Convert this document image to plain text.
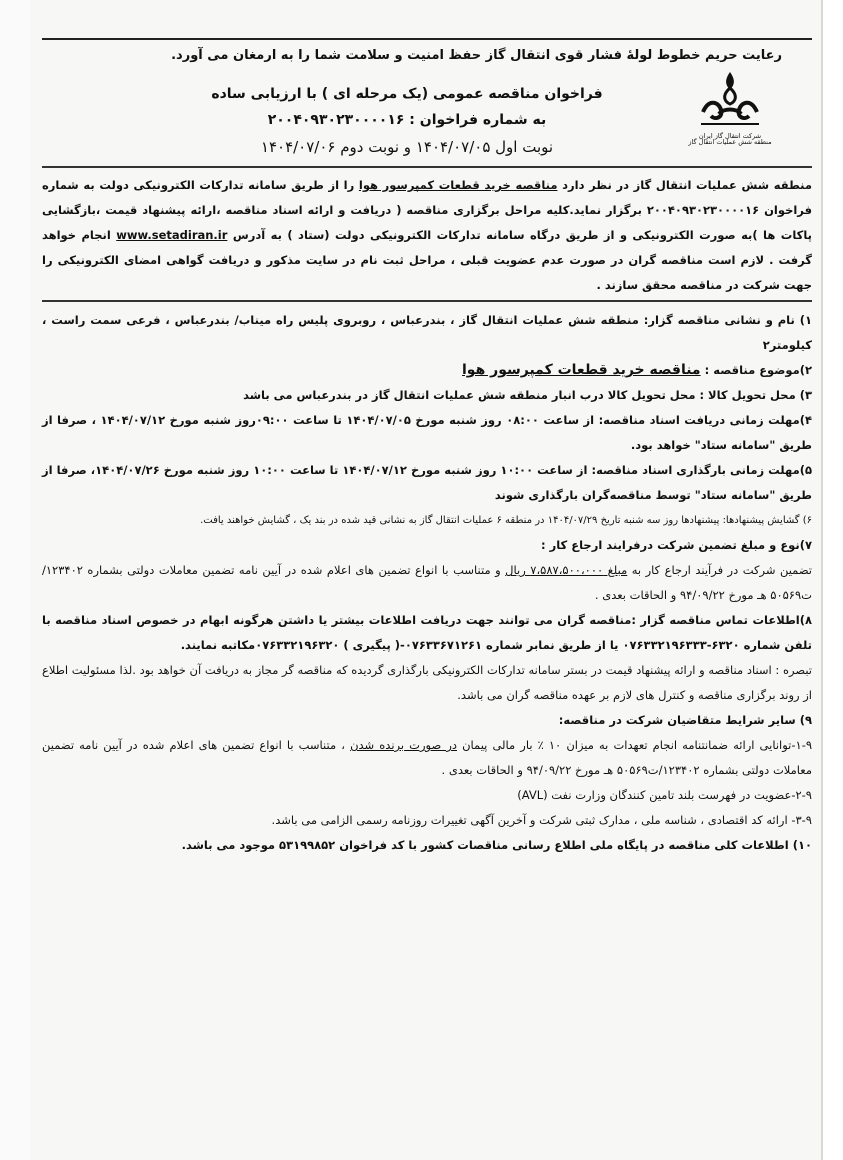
رعایت حریم خطوط لولهٔ فشار قوی انتقال گاز حفظ امنیت و سلامت شما را به ارمغان می آورد.
شرکت انتقال گاز ایران
منطقه شش عملیات انتقال گاز
فراخوان مناقصه عمومی (یک مرحله ای ) با ارزیابی ساده
به شماره فراخوان : ۲۰۰۴۰۹۳۰۲۳۰۰۰۰۱۶
نوبت اول ۱۴۰۴/۰۷/۰۵ و نوبت دوم ۱۴۰۴/۰۷/۰۶

منطقه شش عملیات انتقال گاز در نظر دارد مناقصه خرید قطعات کمپرسور هوا را از طریق سامانه تدارکات الکترونیکی دولت به شماره فراخوان ۲۰۰۴۰۹۳۰۲۳۰۰۰۰۱۶ برگزار نماید.کلیه مراحل برگزاری مناقصه ( دریافت و ارائه اسناد مناقصه ،ارائه پیشنهاد قیمت ،بازگشایی پاکات ها )به صورت الکترونیکی و از طریق درگاه سامانه تدارکات الکترونیکی دولت (ستاد ) به آدرس www.setadiran.ir انجام خواهد گرفت . لازم است مناقصه گران در صورت عدم عضویت قبلی ، مراحل ثبت نام در سایت مذکور و دریافت گواهی امضای الکترونیکی را جهت شرکت در مناقصه محقق سازند .

۱) نام و نشانی مناقصه گزار: منطقه شش عملیات انتقال گاز ، بندرعباس ، روبروی پلیس راه میناب/ بندرعباس ، فرعی سمت راست ، کیلومتر۲

۲)موضوع مناقصه : مناقصه خرید قطعات کمپرسور هوا

۳) محل تحویل کالا : محل تحویل کالا درب انبار منطقه شش عملیات انتقال گاز در بندرعباس می باشد

۴)مهلت زمانی دریافت اسناد مناقصه: از ساعت ۰۸:۰۰ روز شنبه مورخ ۱۴۰۴/۰۷/۰۵ تا ساعت ۰۹:۰۰روز شنبه مورخ ۱۴۰۴/۰۷/۱۲ ، صرفا از طریق "سامانه ستاد" خواهد بود.

۵)مهلت زمانی بارگذاری اسناد مناقصه: از ساعت ۱۰:۰۰ روز شنبه مورخ ۱۴۰۴/۰۷/۱۲ تا ساعت ۱۰:۰۰ روز شنبه مورخ ۱۴۰۴/۰۷/۲۶، صرفا از طریق "سامانه ستاد" توسط مناقصه‌گران بارگذاری شوند

۶) گشایش پیشنهادها: پیشنهادها روز سه شنبه تاریخ ۱۴۰۴/۰۷/۲۹ در منطقه ۶ عملیات انتقال گاز به نشانی قید شده در بند یک ، گشایش خواهند یافت.

۷)نوع و مبلغ تضمین شرکت درفرایند ارجاع کار :

تضمین شرکت در فرآیند ارجاع کار به مبلغ ۷،۵۸۷،۵۰۰،۰۰۰ ریال و متناسب با انواع تضمین های اعلام شده در آیین نامه تضمین معاملات دولتی بشماره ۱۲۳۴۰۲/ت۵۰۵۶۹ هـ مورخ ۹۴/۰۹/۲۲ و الحاقات بعدی .

۸)اطلاعات تماس مناقصه گزار :مناقصه گران می توانند جهت دریافت اطلاعات بیشتر یا داشتن هرگونه ابهام در خصوص اسناد مناقصه با تلفن شماره ۶۳۲۰-۰۷۶۳۳۲۱۹۶۳۳۳ یا از طریق نمابر شماره ۰۷۶۳۳۶۷۱۲۶۱-( پیگیری ) ۰۷۶۳۳۲۱۹۶۳۲۰مکاتبه نمایند.

تبصره : اسناد مناقصه و ارائه پیشنهاد قیمت در بستر سامانه تدارکات الکترونیکی بارگذاری گردیده که مناقصه گر مجاز به دریافت آن خواهد بود .لذا مسئولیت اطلاع از روند برگزاری مناقصه و کنترل های لازم بر عهده مناقصه گران می باشد.

۹) سایر شرایط متقاضیان شرکت در مناقصه:

۱-۹-توانایی ارائه ضمانتنامه انجام تعهدات به میزان ۱۰ ٪ بار مالی پیمان در صورت برنده شدن ، متناسب با انواع تضمین های اعلام شده در آیین نامه تضمین معاملات دولتی بشماره ۱۲۳۴۰۲/ت۵۰۵۶۹ هـ مورخ ۹۴/۰۹/۲۲ و الحاقات بعدی .

۲-۹-عضویت در فهرست بلند تامین کنندگان وزارت نفت (AVL)

۳-۹- ارائه کد اقتصادی ، شناسه ملی ، مدارک ثبتی شرکت و آخرین آگهی تغییرات روزنامه رسمی الزامی می باشد.

۱۰) اطلاعات کلی مناقصه در پایگاه ملی اطلاع رسانی مناقصات کشور با کد فراخوان ۵۳۱۹۹۸۵۲ موجود می باشد.
